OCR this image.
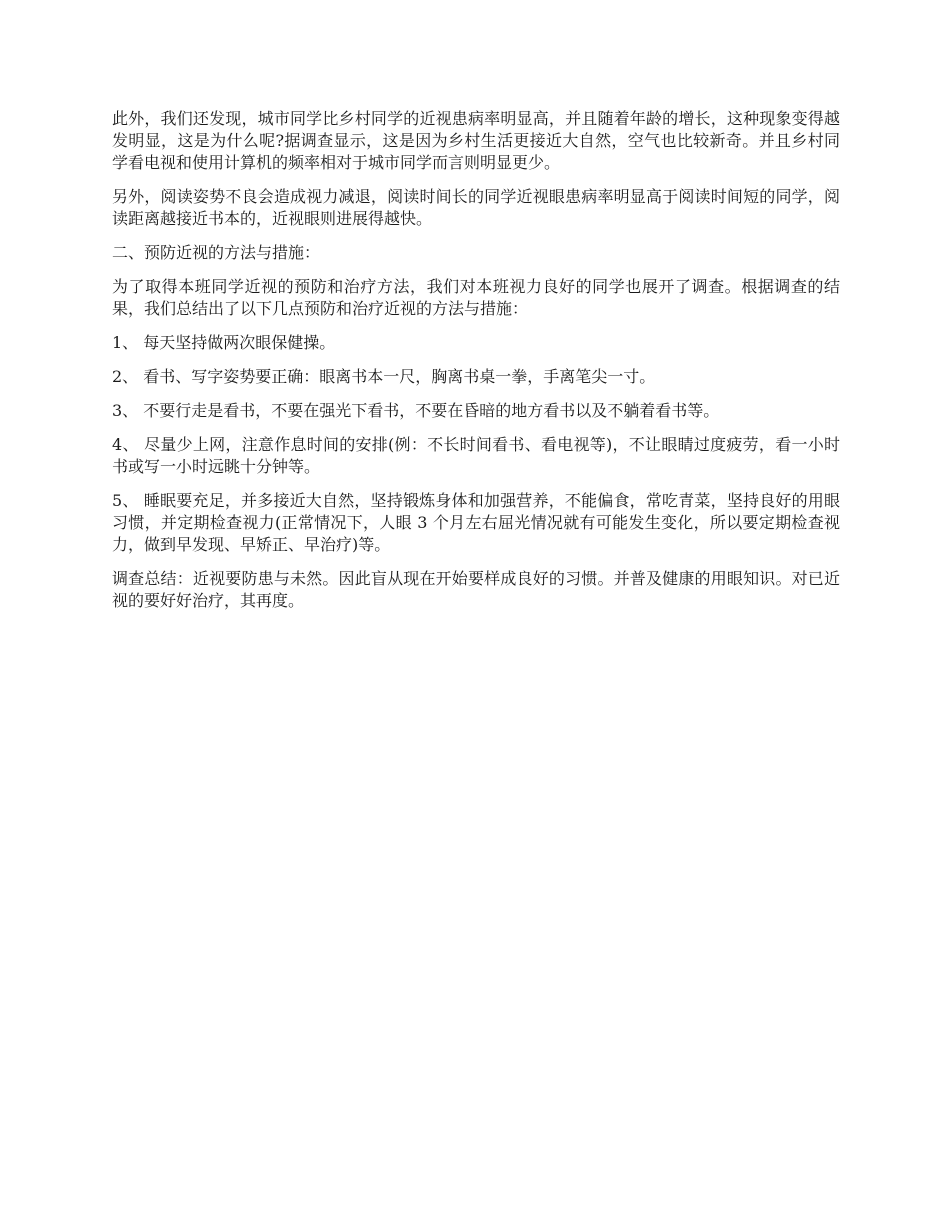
此外，我们还发现，城市同学比乡村同学的近视患病率明显高，并且随着年龄的增长，这种现象变得越发明显，这是为什么呢?据调查显示，这是因为乡村生活更接近大自然，空气也比较新奇。并且乡村同学看电视和使用计算机的频率相对于城市同学而言则明显更少。

另外，阅读姿势不良会造成视力减退，阅读时间长的同学近视眼患病率明显高于阅读时间短的同学，阅读距离越接近书本的，近视眼则进展得越快。

二、预防近视的方法与措施：

为了取得本班同学近视的预防和治疗方法，我们对本班视力良好的同学也展开了调查。根据调查的结果，我们总结出了以下几点预防和治疗近视的方法与措施：

1、 每天坚持做两次眼保健操。

2、 看书、写字姿势要正确：眼离书本一尺，胸离书桌一拳，手离笔尖一寸。

3、 不要行走是看书，不要在强光下看书，不要在昏暗的地方看书以及不躺着看书等。

4、 尽量少上网，注意作息时间的安排(例：不长时间看书、看电视等)，不让眼睛过度疲劳，看一小时书或写一小时远眺十分钟等。

5、 睡眠要充足，并多接近大自然，坚持锻炼身体和加强营养，不能偏食，常吃青菜，坚持良好的用眼习惯，并定期检查视力(正常情况下，人眼 3 个月左右屈光情况就有可能发生变化，所以要定期检查视力，做到早发现、早矫正、早治疗)等。

调查总结：近视要防患与未然。因此盲从现在开始要样成良好的习惯。并普及健康的用眼知识。对已近视的要好好治疗，其再度。
